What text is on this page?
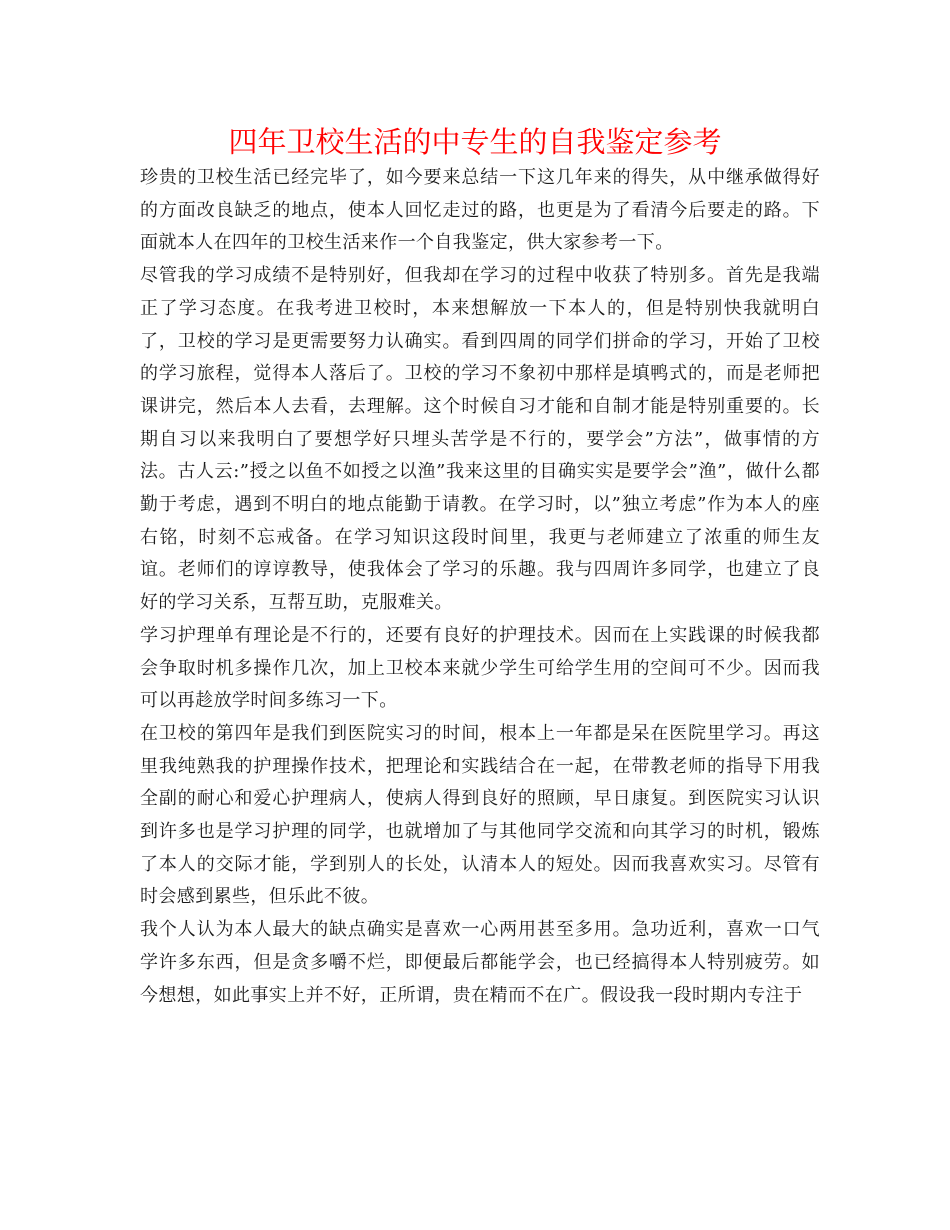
四年卫校生活的中专生的自我鉴定参考

珍贵的卫校生活已经完毕了，如今要来总结一下这几年来的得失，从中继承做得好的方面改良缺乏的地点，使本人回忆走过的路，也更是为了看清今后要走的路。下面就本人在四年的卫校生活来作一个自我鉴定，供大家参考一下。

尽管我的学习成绩不是特别好，但我却在学习的过程中收获了特别多。首先是我端正了学习态度。在我考进卫校时，本来想解放一下本人的，但是特别快我就明白了，卫校的学习是更需要努力认确实。看到四周的同学们拼命的学习，开始了卫校的学习旅程，觉得本人落后了。卫校的学习不象初中那样是填鸭式的，而是老师把课讲完，然后本人去看，去理解。这个时候自习才能和自制才能是特别重要的。长期自习以来我明白了要想学好只埋头苦学是不行的，要学会”方法”，做事情的方法。古人云:”授之以鱼不如授之以渔”我来这里的目确实实是要学会”渔”，做什么都勤于考虑，遇到不明白的地点能勤于请教。在学习时，以”独立考虑”作为本人的座右铭，时刻不忘戒备。在学习知识这段时间里，我更与老师建立了浓重的师生友谊。老师们的谆谆教导，使我体会了学习的乐趣。我与四周许多同学，也建立了良好的学习关系，互帮互助，克服难关。

学习护理单有理论是不行的，还要有良好的护理技术。因而在上实践课的时候我都会争取时机多操作几次，加上卫校本来就少学生可给学生用的空间可不少。因而我可以再趁放学时间多练习一下。

在卫校的第四年是我们到医院实习的时间，根本上一年都是呆在医院里学习。再这里我纯熟我的护理操作技术，把理论和实践结合在一起，在带教老师的指导下用我全副的耐心和爱心护理病人，使病人得到良好的照顾，早日康复。到医院实习认识到许多也是学习护理的同学，也就增加了与其他同学交流和向其学习的时机，锻炼了本人的交际才能，学到别人的长处，认清本人的短处。因而我喜欢实习。尽管有时会感到累些，但乐此不彼。

我个人认为本人最大的缺点确实是喜欢一心两用甚至多用。急功近利，喜欢一口气学许多东西，但是贪多嚼不烂，即便最后都能学会，也已经搞得本人特别疲劳。如今想想，如此事实上并不好，正所谓，贵在精而不在广。假设我一段时期内专注于
